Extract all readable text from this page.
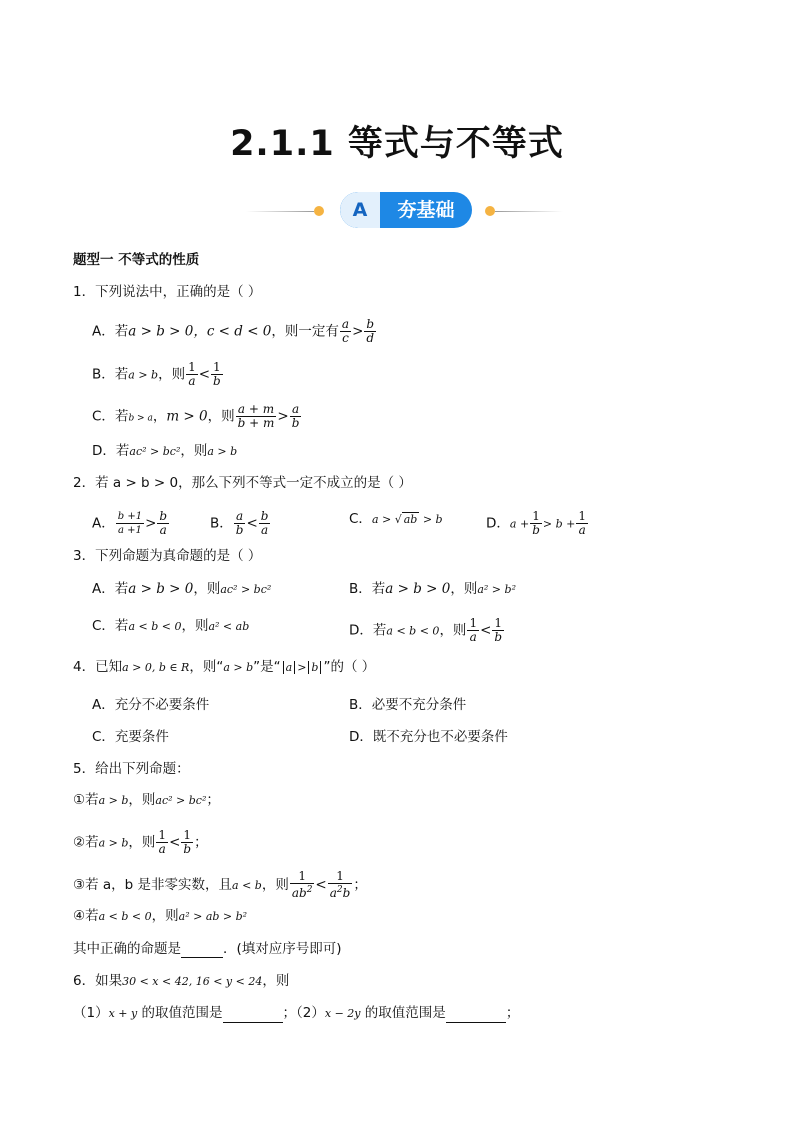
2.1.1 等式与不等式
A	夯基础
题型一 不等式的性质
1．下列说法中，正确的是（ ）
A．若a > b > 0，c < d < 0，则一定有 $\frac{a}{c} > \frac{b}{d}$
B．若a > b，则 $\frac{1}{a} < \frac{1}{b}$
C．若b > a，m > 0，则 $\frac{a + m}{b + m} > \frac{a}{b}$
D．若ac² > bc²，则a > b
2．若 a > b > 0，那么下列不等式一定不成立的是（ ）
A． $\frac{b +1}{a +1} > \frac{b}{a}$	B． $\frac{a}{b} < \frac{b}{a}$	C．a > √ ab > b	D．$a + \frac{1}{b} > b + \frac{1}{a}$
3．下列命题为真命题的是（ ）
A．若a > b > 0，则ac² > bc²	B．若a > b > 0，则a² > b²
C．若a < b < 0，则a² < ab	D．若a < b < 0，则 $\frac{1}{a} < \frac{1}{b}$
4．已知a > 0, b ∈ R，则“a > b”是“ a > b ”的（ ）
A．充分不必要条件	B．必要不充分条件
C．充要条件	D．既不充分也不必要条件
5．给出下列命题：
①若a > b，则ac² > bc²；
②若a > b，则 $\frac{1}{a} < \frac{1}{b}$ ；
③若 a，b 是非零实数，且a < b，则 $\frac{1}{ab^2} < \frac{1}{a^2b}$ ；
④若a < b < 0，则a² > ab > b²
其中正确的命题是	．(填对应序号即可)
6．如果30 < x < 42, 16 < y < 24，则
（1）x + y 的取值范围是	；（2）x − 2y 的取值范围是	；
